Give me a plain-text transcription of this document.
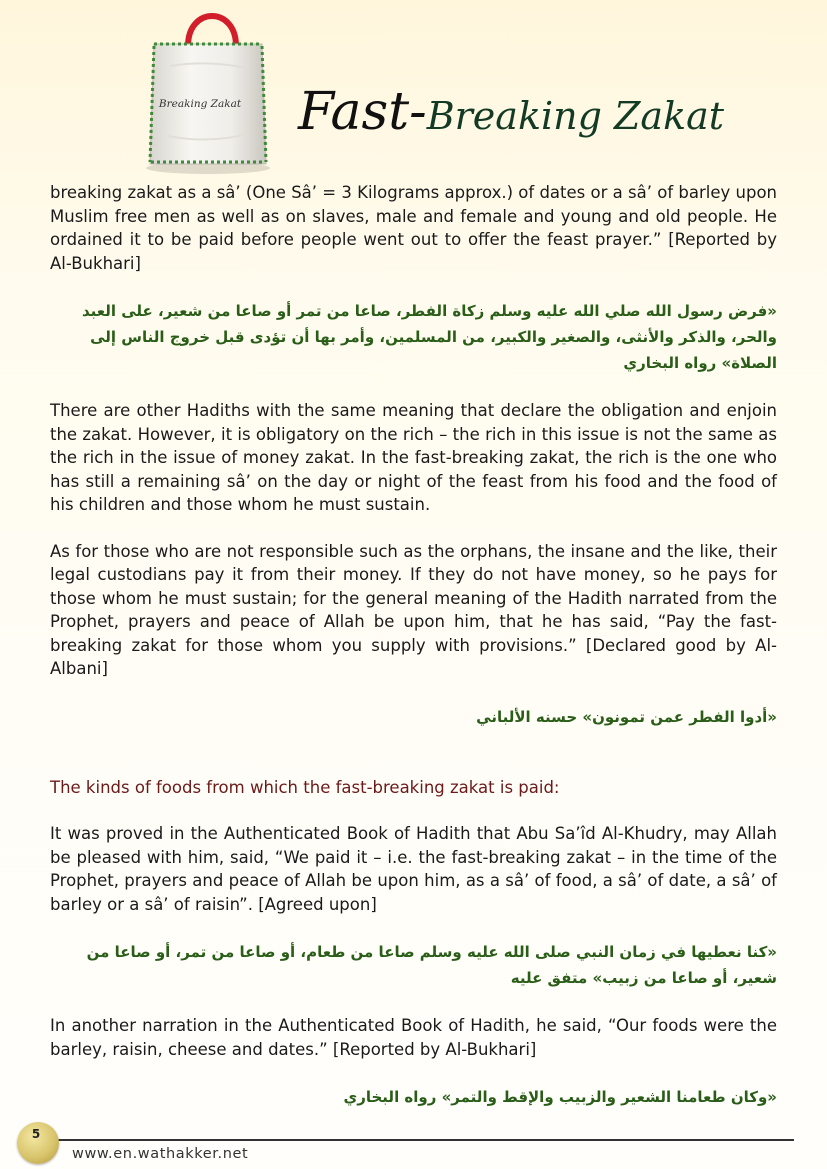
Breaking Zakat	Fast-Breaking Zakat

breaking zakat as a sâ’ (One Sâ’ = 3 Kilograms approx.) of dates or a sâ’ of barley upon Muslim free men as well as on slaves, male and female and young and old people. He ordained it to be paid before people went out to offer the feast prayer.” [Reported by Al-Bukhari]

«فرض رسول الله صلي الله عليه وسلم زكاة الفطر، صاعا من تمر أو صاعا من شعير، على العبد والحر، والذكر والأنثى، والصغير والكبير، من المسلمين، وأمر بها أن تؤدى قبل خروج الناس إلى الصلاة» رواه البخاري

There are other Hadiths with the same meaning that declare the obligation and enjoin the zakat. However, it is obligatory on the rich – the rich in this issue is not the same as the rich in the issue of money zakat. In the fast-breaking zakat, the rich is the one who has still a remaining sâ’ on the day or night of the feast from his food and the food of his children and those whom he must sustain.

As for those who are not responsible such as the orphans, the insane and the like, their legal custodians pay it from their money. If they do not have money, so he pays for those whom he must sustain; for the general meaning of the Hadith narrated from the Prophet, prayers and peace of Allah be upon him, that he has said, “Pay the fast-breaking zakat for those whom you supply with provisions.” [Declared good by Al-Albani]

«أدوا الفطر عمن تمونون» حسنه الألباني

The kinds of foods from which the fast-breaking zakat is paid:

It was proved in the Authenticated Book of Hadith that Abu Sa’îd Al-Khudry, may Allah be pleased with him, said, “We paid it – i.e. the fast-breaking zakat – in the time of the Prophet, prayers and peace of Allah be upon him, as a sâ’ of food, a sâ’ of date, a sâ’ of barley or a sâ’ of raisin”. [Agreed upon]

«كنا نعطيها في زمان النبي صلى الله عليه وسلم صاعا من طعام، أو صاعا من تمر، أو صاعا من شعير، أو صاعا من زبيب» متفق عليه

In another narration in the Authenticated Book of Hadith, he said, “Our foods were the barley, raisin, cheese and dates.” [Reported by Al-Bukhari]

«وكان طعامنا الشعير والزبيب والإقط والتمر» رواه البخاري

5
www.en.wathakker.net
